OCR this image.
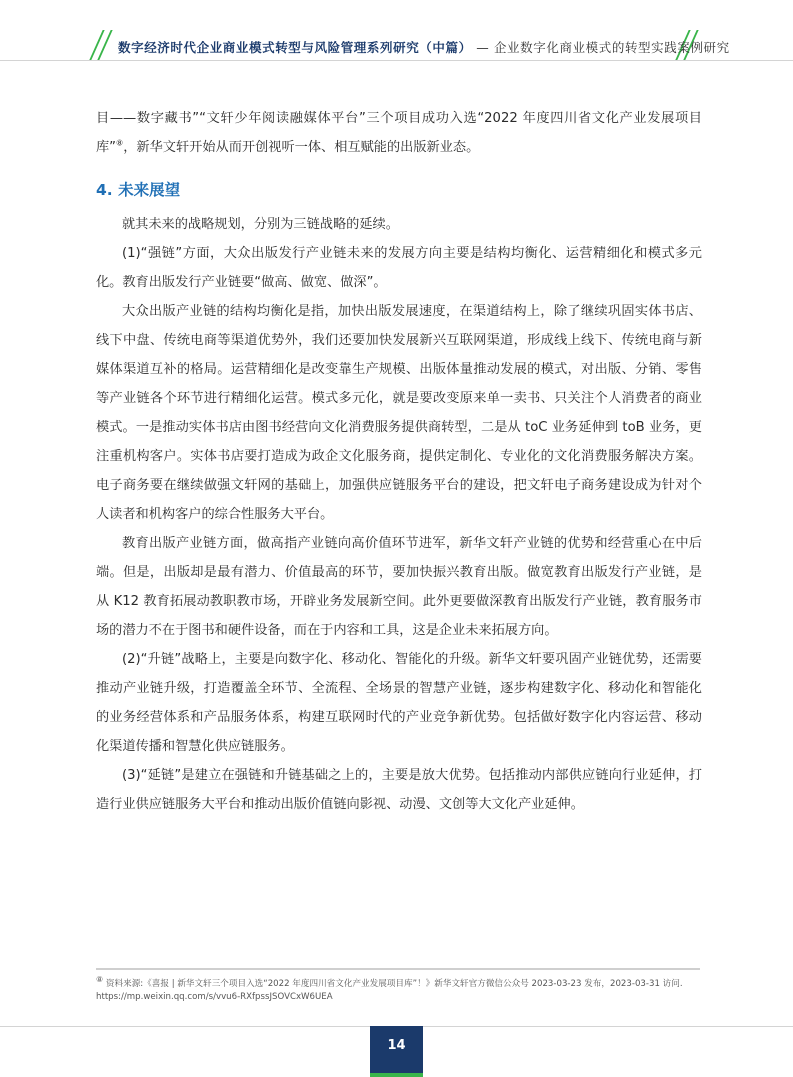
数字经济时代企业商业模式转型与风险管理系列研究（中篇） — 企业数字化商业模式的转型实践案例研究

目——数字藏书”“文轩少年阅读融媒体平台”三个项目成功入选“2022 年度四川省文化产业发展项目库”⑧，新华文轩开始从而开创视听一体、相互赋能的出版新业态。

4. 未来展望

就其未来的战略规划，分别为三链战略的延续。

(1)“强链”方面，大众出版发行产业链未来的发展方向主要是结构均衡化、运营精细化和模式多元化。教育出版发行产业链要“做高、做宽、做深”。

大众出版产业链的结构均衡化是指，加快出版发展速度，在渠道结构上，除了继续巩固实体书店、线下中盘、传统电商等渠道优势外，我们还要加快发展新兴互联网渠道，形成线上线下、传统电商与新媒体渠道互补的格局。运营精细化是改变靠生产规模、出版体量推动发展的模式，对出版、分销、零售等产业链各个环节进行精细化运营。模式多元化，就是要改变原来单一卖书、只关注个人消费者的商业模式。一是推动实体书店由图书经营向文化消费服务提供商转型，二是从 toC 业务延伸到 toB 业务，更注重机构客户。实体书店要打造成为政企文化服务商，提供定制化、专业化的文化消费服务解决方案。电子商务要在继续做强文轩网的基础上，加强供应链服务平台的建设，把文轩电子商务建设成为针对个人读者和机构客户的综合性服务大平台。

教育出版产业链方面，做高指产业链向高价值环节进军，新华文轩产业链的优势和经营重心在中后端。但是，出版却是最有潜力、价值最高的环节，要加快振兴教育出版。做宽教育出版发行产业链，是从 K12 教育拓展动教职教市场，开辟业务发展新空间。此外更要做深教育出版发行产业链，教育服务市场的潜力不在于图书和硬件设备，而在于内容和工具，这是企业未来拓展方向。

(2)“升链”战略上，主要是向数字化、移动化、智能化的升级。新华文轩要巩固产业链优势，还需要推动产业链升级，打造覆盖全环节、全流程、全场景的智慧产业链，逐步构建数字化、移动化和智能化的业务经营体系和产品服务体系，构建互联网时代的产业竞争新优势。包括做好数字化内容运营、移动化渠道传播和智慧化供应链服务。

(3)“延链”是建立在强链和升链基础之上的，主要是放大优势。包括推动内部供应链向行业延伸，打造行业供应链服务大平台和推动出版价值链向影视、动漫、文创等大文化产业延伸。

⑧ 资料来源:《喜报 | 新华文轩三个项目入选“2022 年度四川省文化产业发展项目库”！》新华文轩官方微信公众号 2023-03-23 发布，2023-03-31 访问. https://mp.weixin.qq.com/s/vvu6-RXfpssJSOVCxW6UEA
14
